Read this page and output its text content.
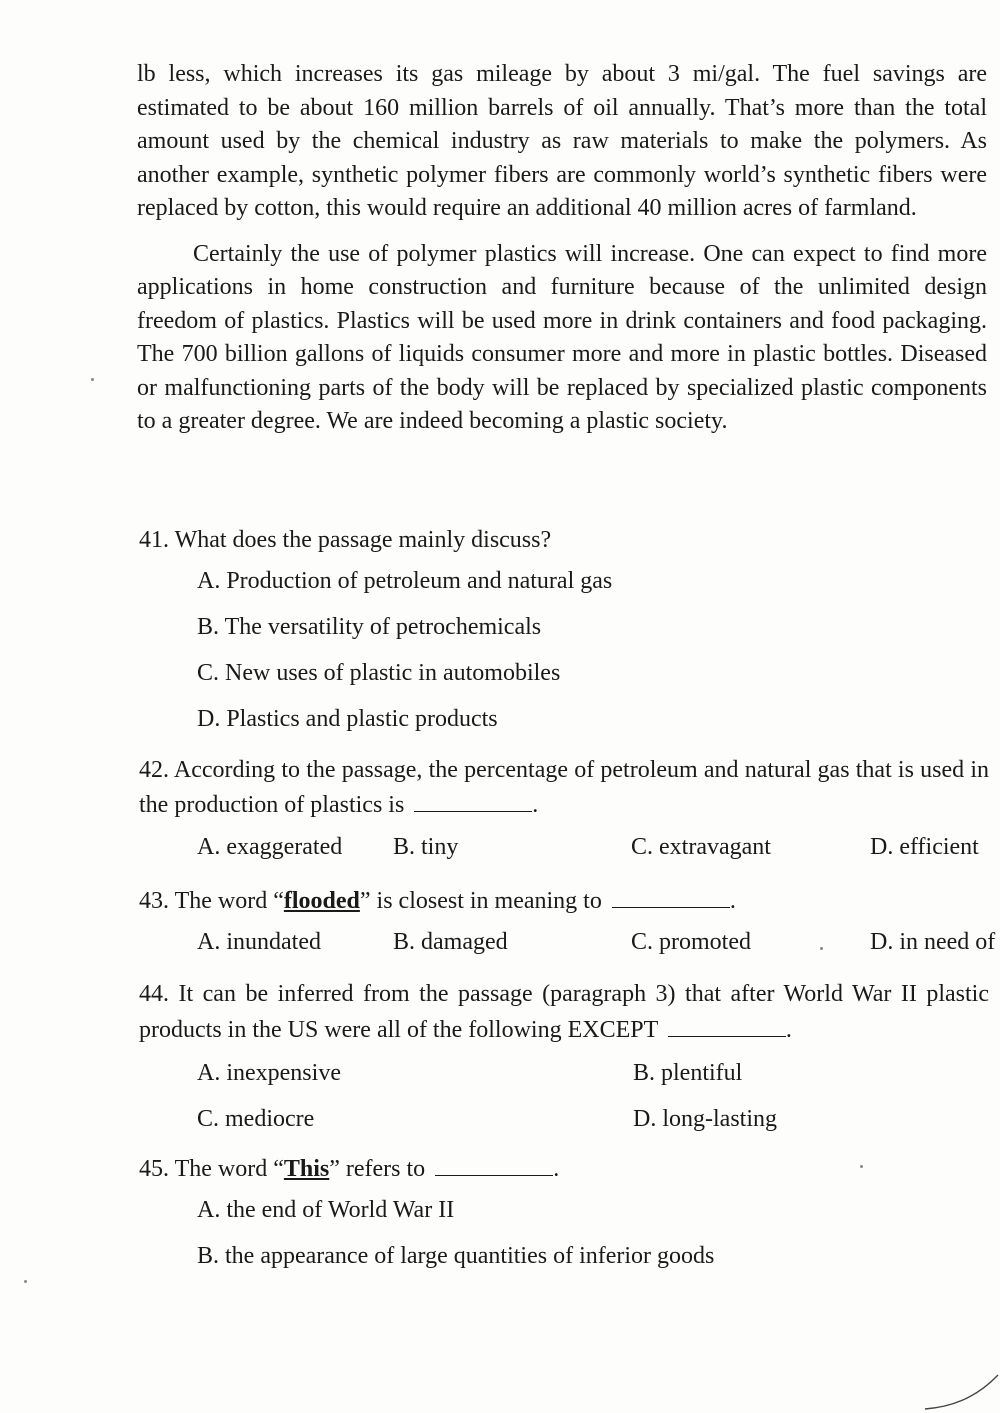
lb less, which increases its gas mileage by about 3 mi/gal. The fuel savings are estimated to be about 160 million barrels of oil annually. That’s more than the total amount used by the chemical industry as raw materials to make the polymers. As another example, synthetic polymer fibers are commonly world’s synthetic fibers were replaced by cotton, this would require an additional 40 million acres of farmland.

Certainly the use of polymer plastics will increase. One can expect to find more applications in home construction and furniture because of the unlimited design freedom of plastics. Plastics will be used more in drink containers and food packaging. The 700 billion gallons of liquids consumer more and more in plastic bottles. Diseased or malfunctioning parts of the body will be replaced by specialized plastic components to a greater degree. We are indeed becoming a plastic society.

41. What does the passage mainly discuss?
A. Production of petroleum and natural gas
B. The versatility of petrochemicals
C. New uses of plastic in automobiles
D. Plastics and plastic products
42. According to the passage, the percentage of petroleum and natural gas that is used in the production of plastics is	.
A. exaggerated B. tiny	C. extravagant	D. efficient
43. The word “flooded” is closest in meaning to	.
A. inundated	B. damaged	C. promoted	D. in need of
44. It can be inferred from the passage (paragraph 3) that after World War II plastic products in the US were all of the following EXCEPT	.
A. inexpensive	B. plentiful
C. mediocre	D. long-lasting
45. The word “This” refers to	.
A. the end of World War II
B. the appearance of large quantities of inferior goods
